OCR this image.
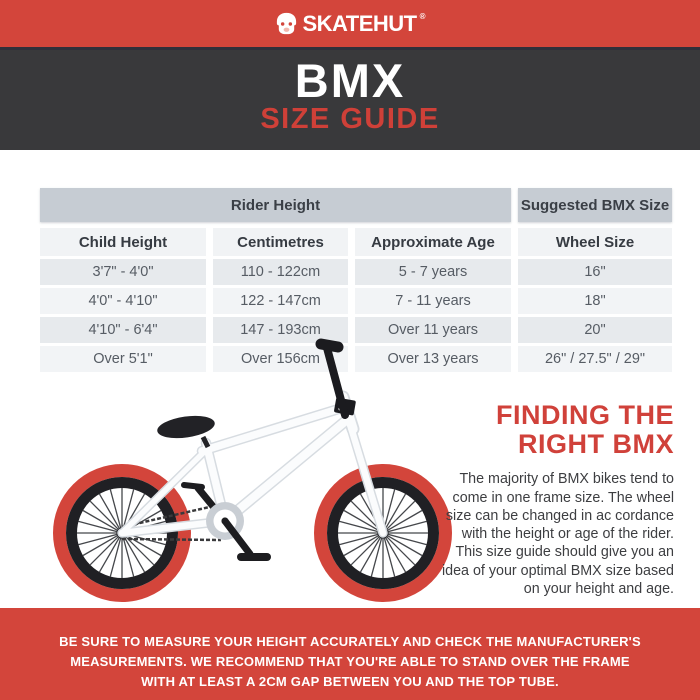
SKATEHUT ®
BMX
SIZE GUIDE
Rider Height	Suggested BMX Size
Child Height	Centimetres	Approximate Age	Wheel Size
3'7" - 4'0"	110 - 122cm	5 - 7 years	16"
4'0" - 4'10"	122 - 147cm	7 - 11 years	18"
4'10" - 6'4"	147 - 193cm	Over 11 years	20"
Over 5'1"	Over 156cm	Over 13 years	26" / 27.5" / 29"
FINDING THE
RIGHT BMX
The majority of BMX bikes tend to come in one frame size. The wheel size can be changed in ac cordance with the height or age of the rider. This size guide should give you an idea of your optimal BMX size based on your height and age.
BE SURE TO MEASURE YOUR HEIGHT ACCURATELY AND CHECK THE MANUFACTURER'S MEASUREMENTS. WE RECOMMEND THAT YOU'RE ABLE TO STAND OVER THE FRAME WITH AT LEAST A 2CM GAP BETWEEN YOU AND THE TOP TUBE.
